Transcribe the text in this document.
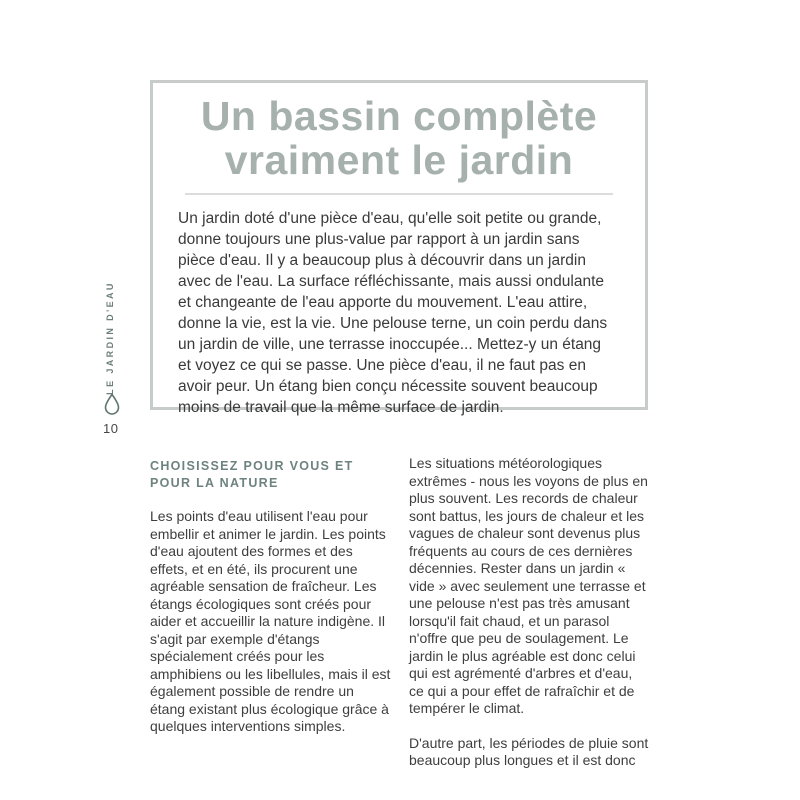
LE JARDIN D'EAU
10
Un bassin complète
vraiment le jardin

Un jardin doté d'une pièce d'eau, qu'elle soit petite ou grande, donne toujours une plus-value par rapport à un jardin sans pièce d'eau. Il y a beaucoup plus à découvrir dans un jardin avec de l'eau. La surface réfléchissante, mais aussi ondulante et changeante de l'eau apporte du mouvement. L'eau attire, donne la vie, est la vie. Une pelouse terne, un coin perdu dans un jardin de ville, une terrasse inoccupée... Mettez-y un étang et voyez ce qui se passe. Une pièce d'eau, il ne faut pas en avoir peur. Un étang bien conçu nécessite souvent beaucoup moins de travail que la même surface de jardin.

CHOISISSEZ POUR VOUS ET POUR LA NATURE

Les points d'eau utilisent l'eau pour embellir et animer le jardin. Les points d'eau ajoutent des formes et des effets, et en été, ils procurent une agréable sensation de fraîcheur. Les étangs écologiques sont créés pour aider et accueillir la nature indigène. Il s'agit par exemple d'étangs spécialement créés pour les amphibiens ou les libellules, mais il est également possible de rendre un étang existant plus écologique grâce à quelques interventions simples.

Les situations météorologiques extrêmes - nous les voyons de plus en plus souvent. Les records de chaleur sont battus, les jours de chaleur et les vagues de chaleur sont devenus plus fréquents au cours de ces dernières décennies. Rester dans un jardin « vide » avec seulement une terrasse et une pelouse n'est pas très amusant lorsqu'il fait chaud, et un parasol n'offre que peu de soulagement. Le jardin le plus agréable est donc celui qui est agrémenté d'arbres et d'eau, ce qui a pour effet de rafraîchir et de tempérer le climat.

D'autre part, les périodes de pluie sont beaucoup plus longues et il est donc
